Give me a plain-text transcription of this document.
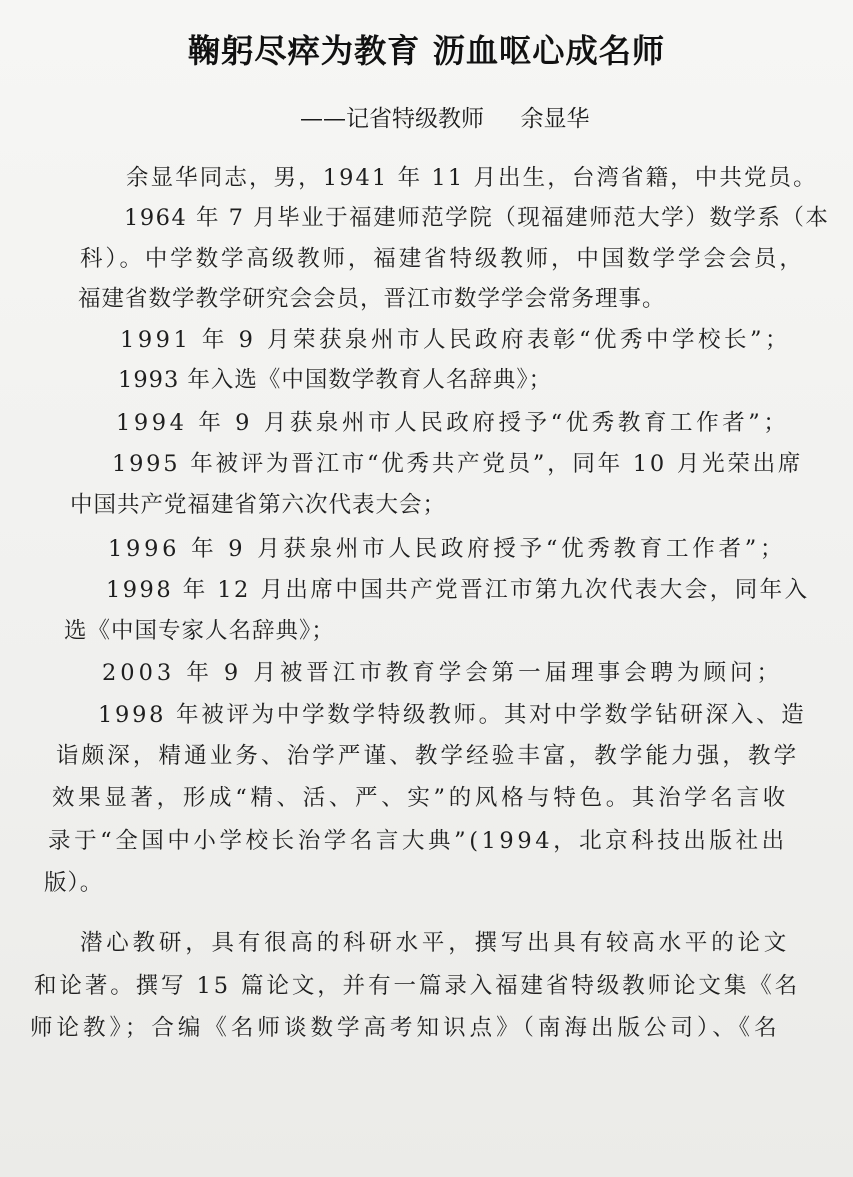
鞠躬尽瘁为教育 沥血呕心成名师
——记省特级教师     余显华
余显华同志，男，1941 年 11 月出生，台湾省籍，中共党员。
1964 年 7 月毕业于福建师范学院（现福建师范大学）数学系（本
科）。中学数学高级教师，福建省特级教师，中国数学学会会员，
福建省数学教学研究会会员，晋江市数学学会常务理事。
1991 年 9 月荣获泉州市人民政府表彰“优秀中学校长”；
1993 年入选《中国数学教育人名辞典》；
1994 年 9 月获泉州市人民政府授予“优秀教育工作者”；
1995 年被评为晋江市“优秀共产党员”，同年 10 月光荣出席
中国共产党福建省第六次代表大会；
1996 年 9 月获泉州市人民政府授予“优秀教育工作者”；
1998 年 12 月出席中国共产党晋江市第九次代表大会，同年入
选《中国专家人名辞典》；
2003 年 9 月被晋江市教育学会第一届理事会聘为顾问；
1998 年被评为中学数学特级教师。其对中学数学钻研深入、造
诣颇深，精通业务、治学严谨、教学经验丰富，教学能力强，教学
效果显著，形成“精、活、严、实”的风格与特色。其治学名言收
录于“全国中小学校长治学名言大典”(1994，北京科技出版社出
版）。
潜心教研，具有很高的科研水平，撰写出具有较高水平的论文
和论著。撰写 15 篇论文，并有一篇录入福建省特级教师论文集《名
师论教》；合编《名师谈数学高考知识点》（南海出版公司）、《名
